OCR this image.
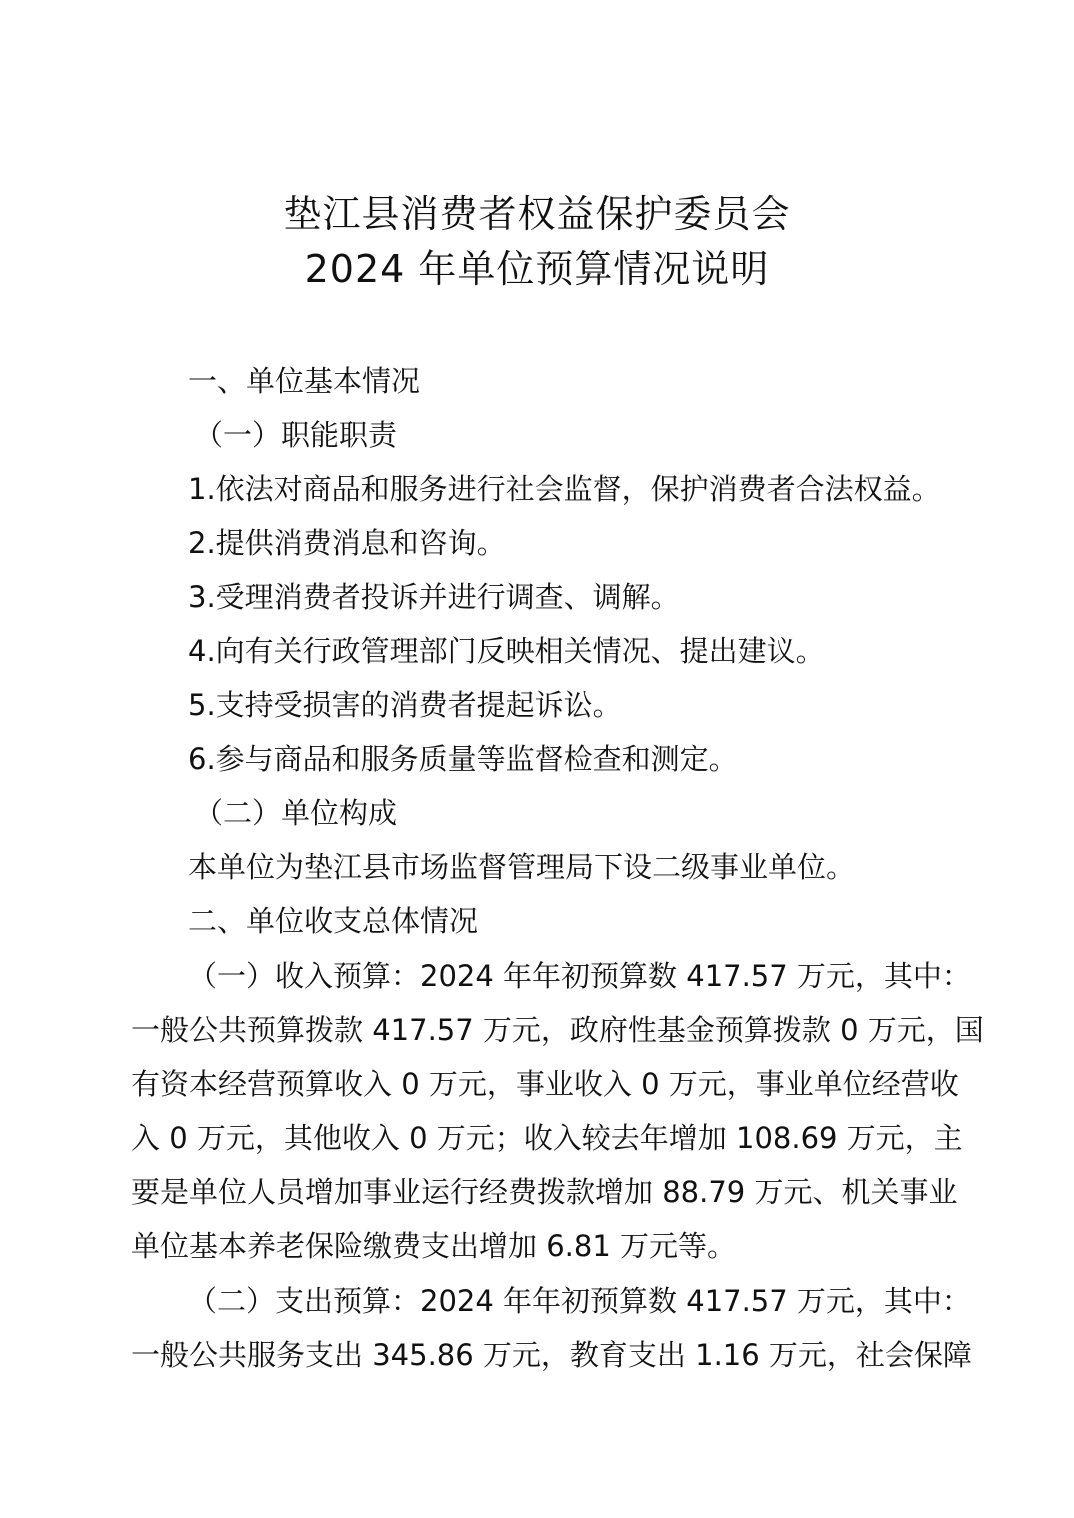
垫江县消费者权益保护委员会
2024 年单位预算情况说明
一、单位基本情况
（一）职能职责
1.依法对商品和服务进行社会监督，保护消费者合法权益。
2.提供消费消息和咨询。
3.受理消费者投诉并进行调查、调解。
4.向有关行政管理部门反映相关情况、提出建议。
5.支持受损害的消费者提起诉讼。
6.参与商品和服务质量等监督检查和测定。
（二）单位构成
本单位为垫江县市场监督管理局下设二级事业单位。
二、单位收支总体情况
（一）收入预算：2024 年年初预算数 417.57 万元，其中：
一般公共预算拨款 417.57 万元，政府性基金预算拨款 0 万元，国
有资本经营预算收入 0 万元，事业收入 0 万元，事业单位经营收
入 0 万元，其他收入 0 万元；收入较去年增加 108.69 万元，主
要是单位人员增加事业运行经费拨款增加 88.79 万元、机关事业
单位基本养老保险缴费支出增加 6.81 万元等。
（二）支出预算：2024 年年初预算数 417.57 万元，其中：
一般公共服务支出 345.86 万元，教育支出 1.16 万元，社会保障
